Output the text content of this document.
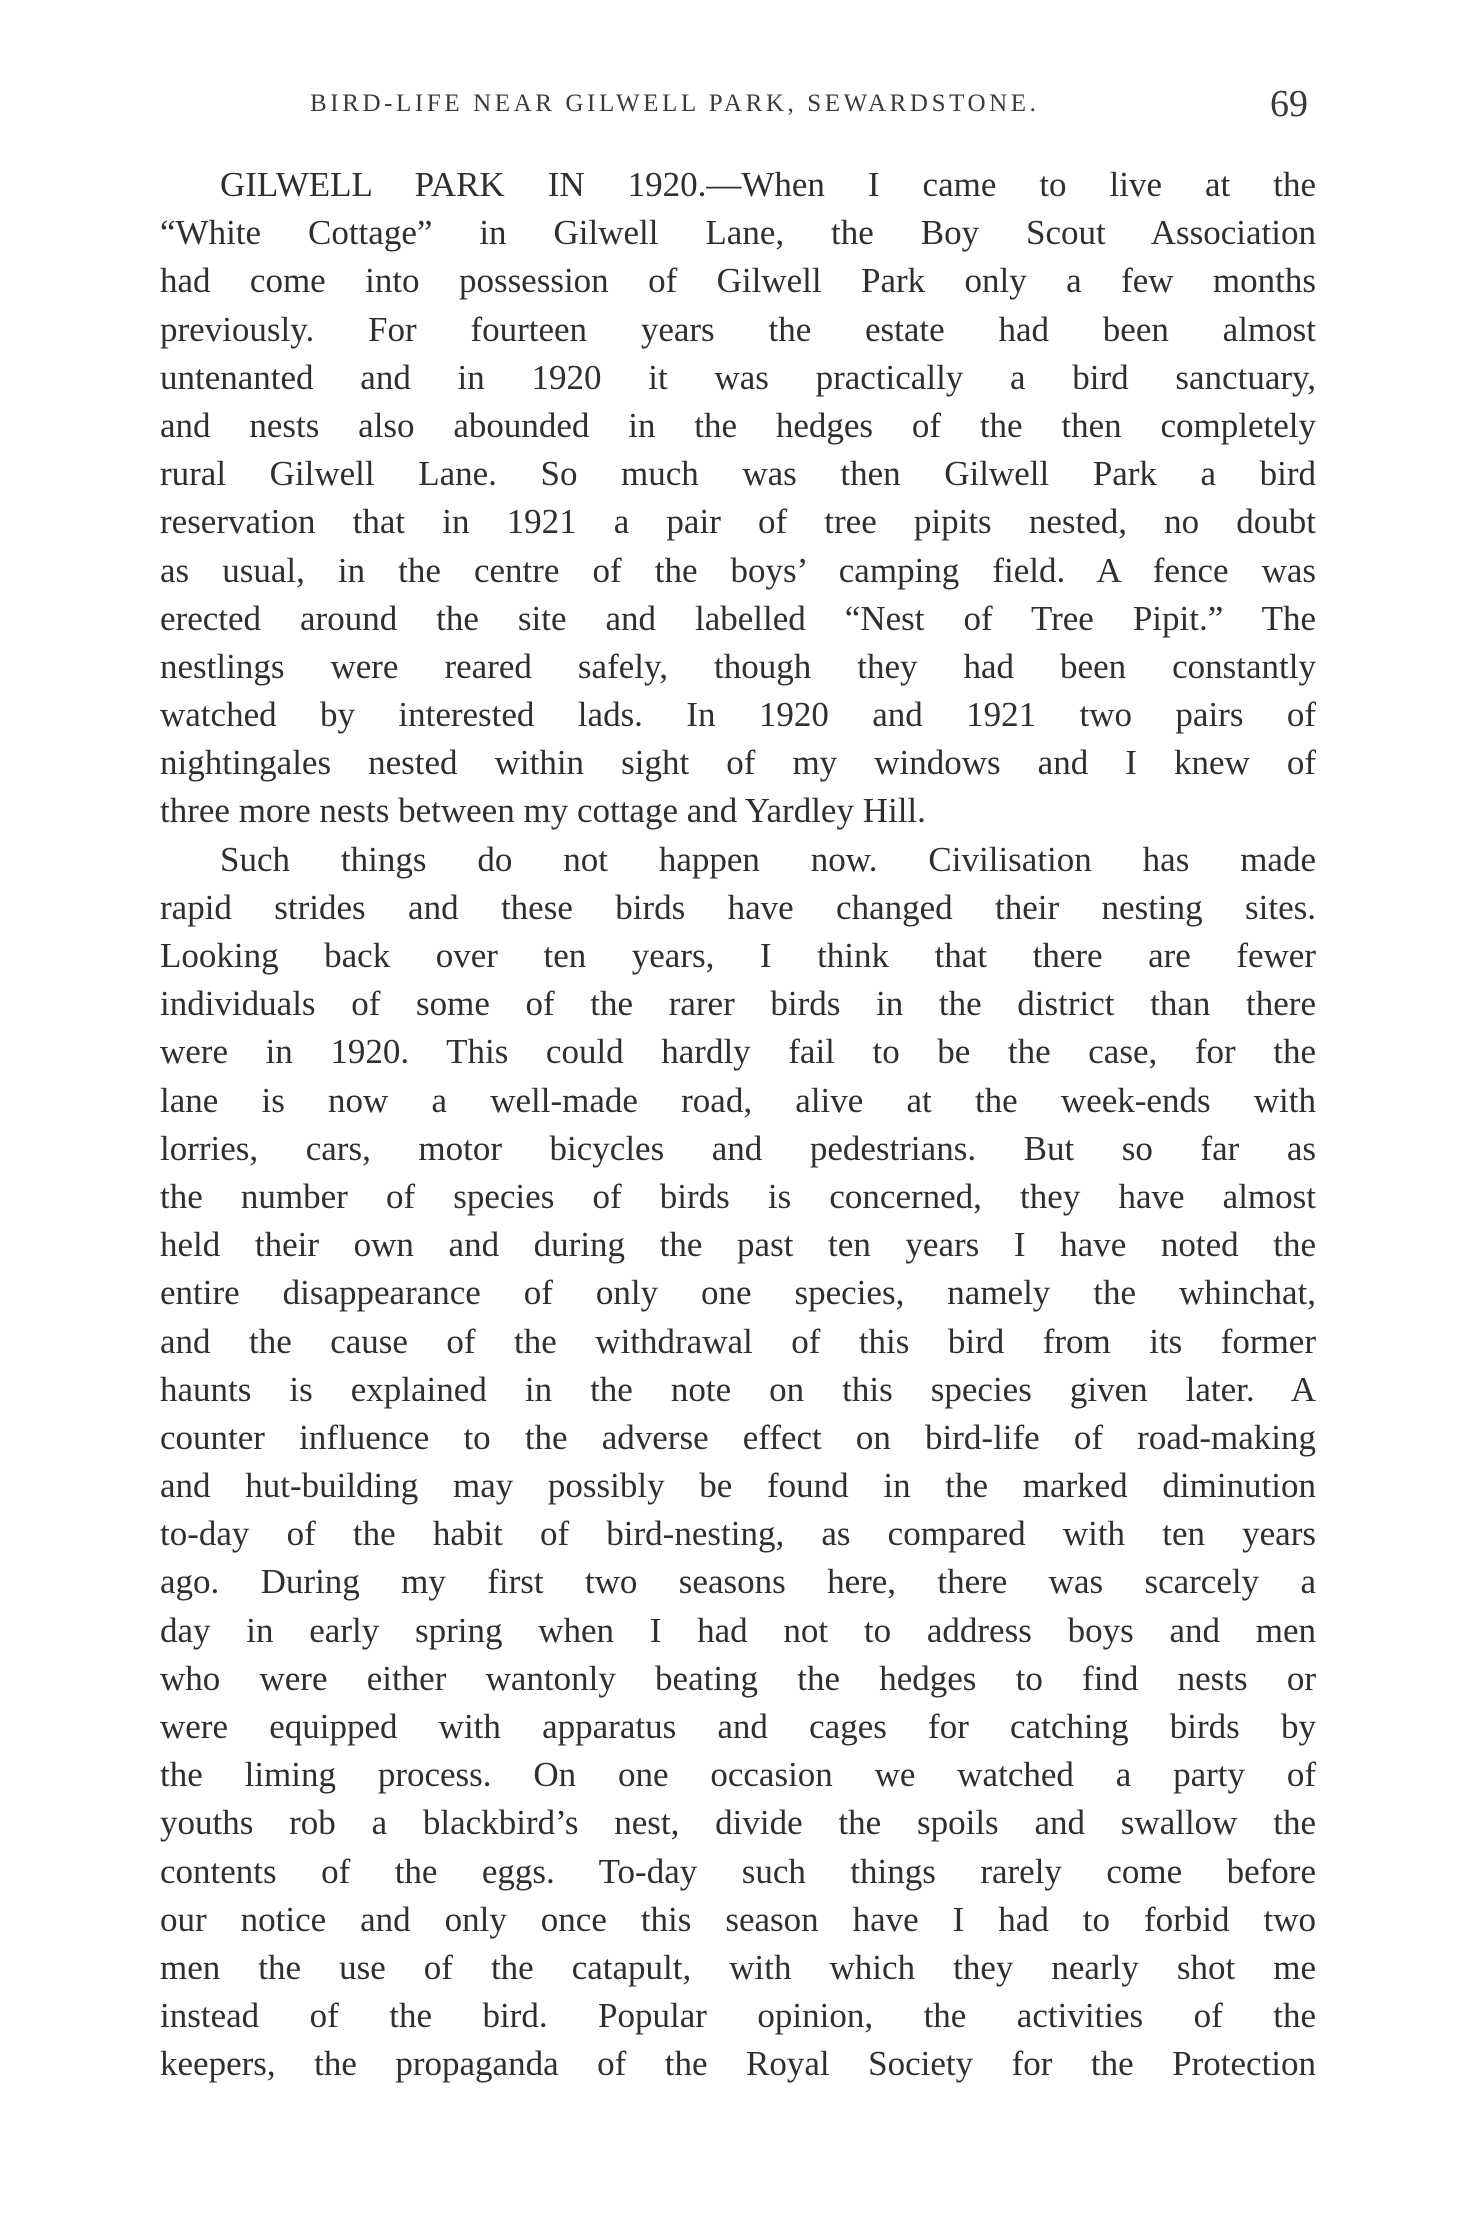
BIRD-LIFE NEAR GILWELL PARK, SEWARDSTONE.	69
GILWELL PARK IN 1920.—When I came to live at the
“White Cottage” in Gilwell Lane, the Boy Scout Association
had come into possession of Gilwell Park only a few months
previously. For fourteen years the estate had been almost
untenanted and in 1920 it was practically a bird sanctuary,
and nests also abounded in the hedges of the then completely
rural Gilwell Lane. So much was then Gilwell Park a bird
reservation that in 1921 a pair of tree pipits nested, no doubt
as usual, in the centre of the boys’ camping field. A fence was
erected around the site and labelled “Nest of Tree Pipit.” The
nestlings were reared safely, though they had been constantly
watched by interested lads. In 1920 and 1921 two pairs of
nightingales nested within sight of my windows and I knew of
three more nests between my cottage and Yardley Hill.
Such things do not happen now. Civilisation has made
rapid strides and these birds have changed their nesting sites.
Looking back over ten years, I think that there are fewer
individuals of some of the rarer birds in the district than there
were in 1920. This could hardly fail to be the case, for the
lane is now a well-made road, alive at the week-ends with
lorries, cars, motor bicycles and pedestrians. But so far as
the number of species of birds is concerned, they have almost
held their own and during the past ten years I have noted the
entire disappearance of only one species, namely the whinchat,
and the cause of the withdrawal of this bird from its former
haunts is explained in the note on this species given later. A
counter influence to the adverse effect on bird-life of road-making
and hut-building may possibly be found in the marked diminution
to-day of the habit of bird-nesting, as compared with ten years
ago. During my first two seasons here, there was scarcely a
day in early spring when I had not to address boys and men
who were either wantonly beating the hedges to find nests or
were equipped with apparatus and cages for catching birds by
the liming process. On one occasion we watched a party of
youths rob a blackbird’s nest, divide the spoils and swallow the
contents of the eggs. To-day such things rarely come before
our notice and only once this season have I had to forbid two
men the use of the catapult, with which they nearly shot me
instead of the bird. Popular opinion, the activities of the
keepers, the propaganda of the Royal Society for the Protection
